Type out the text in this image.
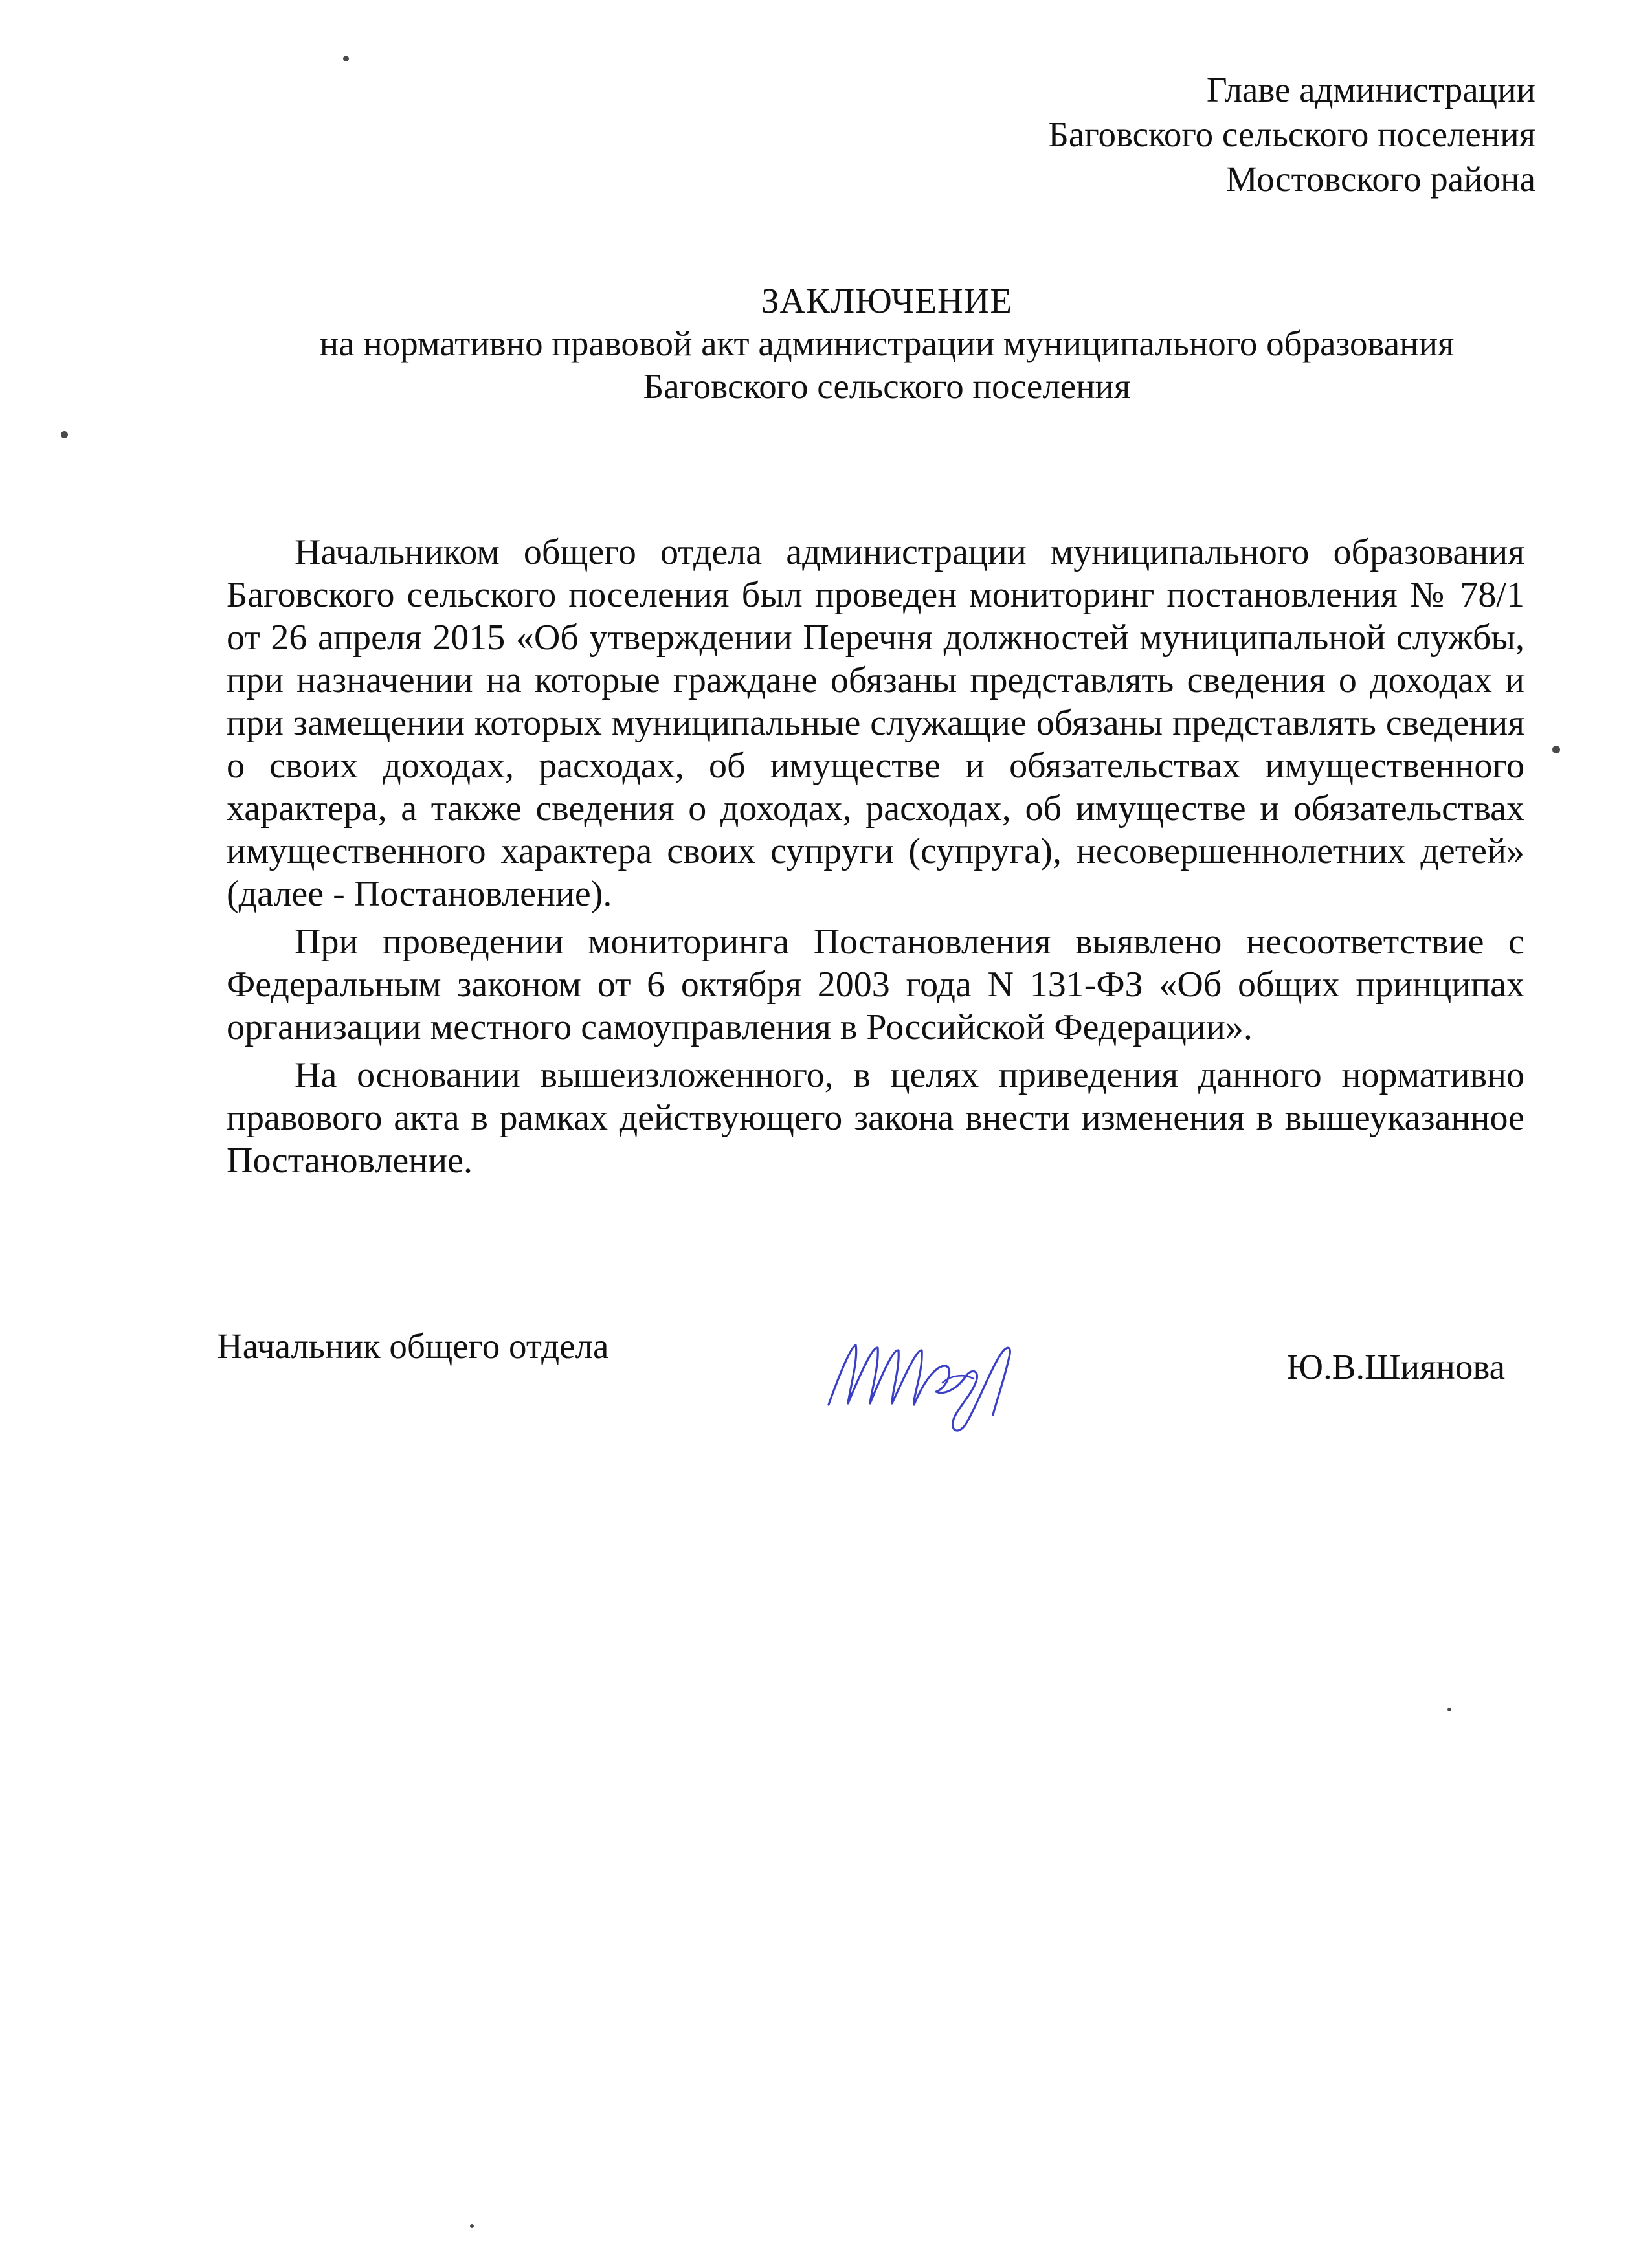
Главе администрации
Баговского сельского поселения
Мостовского района
ЗАКЛЮЧЕНИЕ
на нормативно правовой акт администрации муниципального образования
Баговского сельского поселения

Начальником общего отдела администрации муниципального образования Баговского сельского поселения был проведен мониторинг постановления № 78/1 от 26 апреля 2015 «Об утверждении Перечня должностей муниципальной службы, при назначении на которые граждане обязаны представлять сведения о доходах и при замещении которых муниципальные служащие обязаны представлять сведения о своих доходах, расходах, об имуществе и обязательствах имущественного характера, а также сведения о доходах, расходах, об имуществе и обязательствах имущественного характера своих супруги (супруга), несовершеннолетних детей» (далее - Постановление).

При проведении мониторинга Постановления выявлено несоответствие с Федеральным законом от 6 октября 2003 года N 131-ФЗ «Об общих принципах организации местного самоуправления в Российской Федерации».

На основании вышеизложенного, в целях приведения данного нормативно правового акта в рамках действующего закона внести изменения в вышеуказанное Постановление.

Начальник общего отдела
Ю.В.Шиянова
